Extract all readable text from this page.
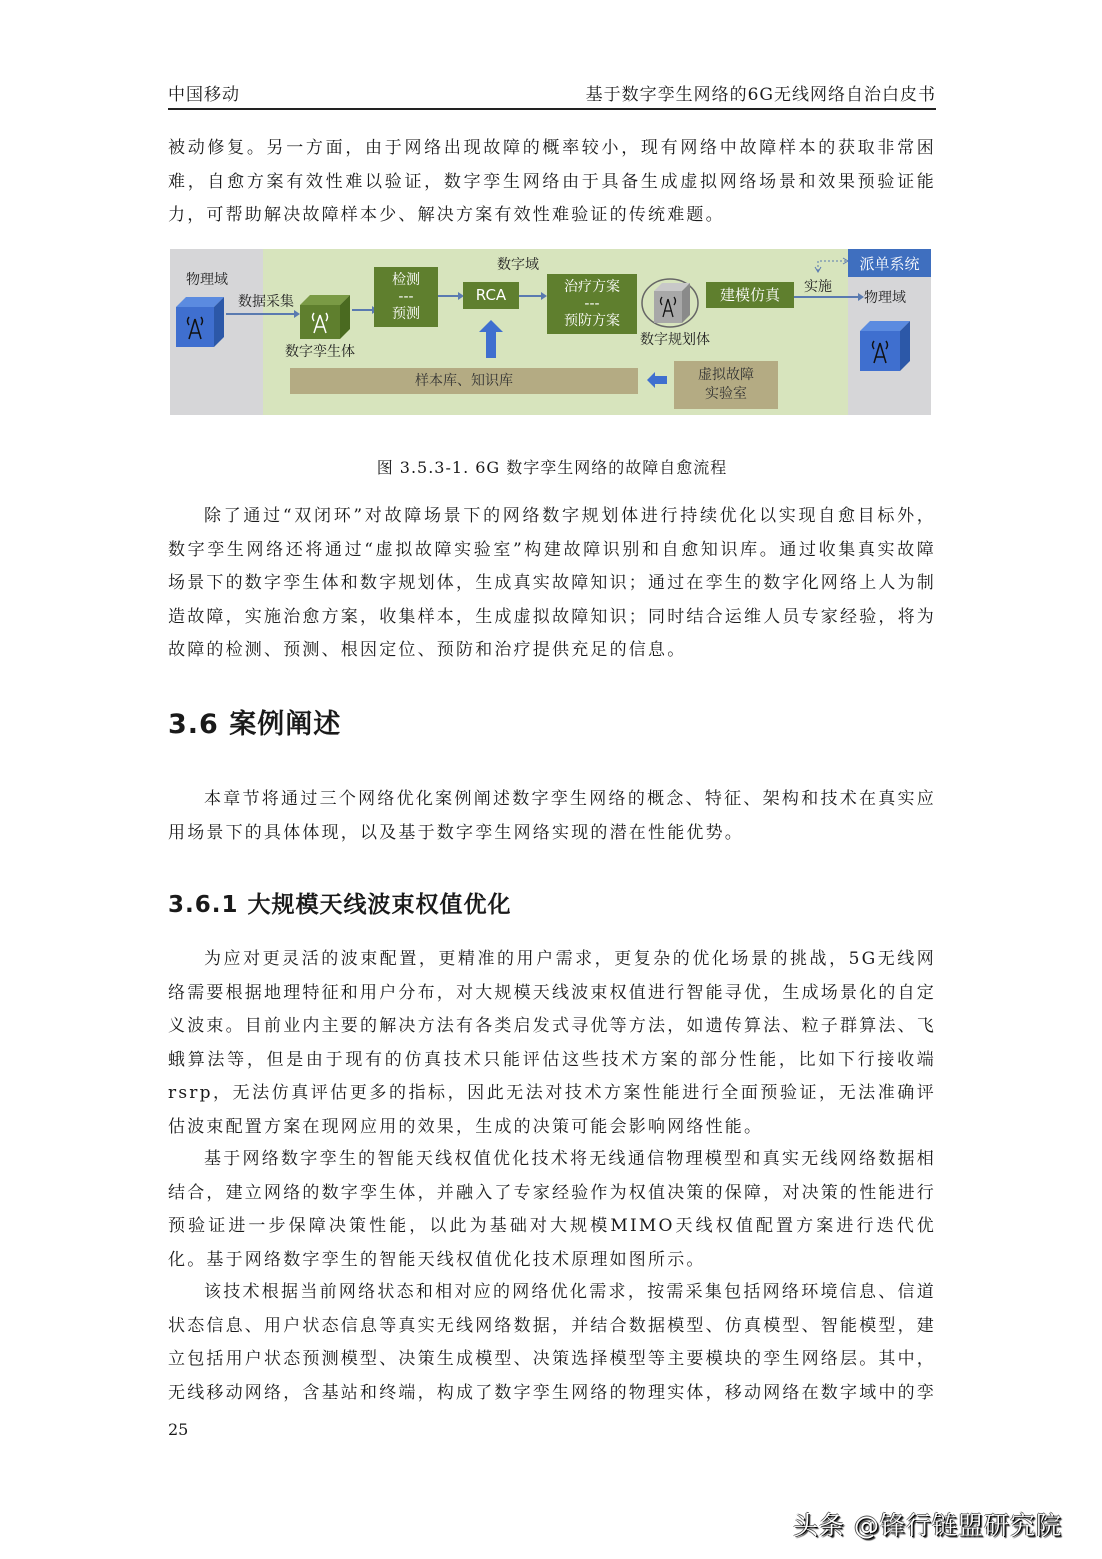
中国移动	基于数字孪生网络的6G无线网络自治白皮书
被动修复。另一方面，由于网络出现故障的概率较小，现有网络中故障样本的获取非常困难，自愈方案有效性难以验证，数字孪生网络由于具备生成虚拟网络场景和效果预验证能力，可帮助解决故障样本少、解决方案有效性难验证的传统难题。
物理域
数据采集
数字孪生体
数字域
检测
---
预测
RCA	治疗方案
---
预防方案
数字规划体
建模仿真 实施
派单系统
物理域
样本库、知识库	虚拟故障
实验室
图 3.5.3-1. 6G 数字孪生网络的故障自愈流程
除了通过“双闭环”对故障场景下的网络数字规划体进行持续优化以实现自愈目标外，数字孪生网络还将通过“虚拟故障实验室”构建故障识别和自愈知识库。通过收集真实故障场景下的数字孪生体和数字规划体，生成真实故障知识；通过在孪生的数字化网络上人为制造故障，实施治愈方案，收集样本，生成虚拟故障知识；同时结合运维人员专家经验，将为故障的检测、预测、根因定位、预防和治疗提供充足的信息。
3.6 案例阐述
本章节将通过三个网络优化案例阐述数字孪生网络的概念、特征、架构和技术在真实应用场景下的具体体现，以及基于数字孪生网络实现的潜在性能优势。
3.6.1 大规模天线波束权值优化
为应对更灵活的波束配置，更精准的用户需求，更复杂的优化场景的挑战，5G无线网络需要根据地理特征和用户分布，对大规模天线波束权值进行智能寻优，生成场景化的自定义波束。目前业内主要的解决方法有各类启发式寻优等方法，如遗传算法、粒子群算法、飞蛾算法等，但是由于现有的仿真技术只能评估这些技术方案的部分性能，比如下行接收端rsrp，无法仿真评估更多的指标，因此无法对技术方案性能进行全面预验证，无法准确评估波束配置方案在现网应用的效果，生成的决策可能会影响网络性能。
基于网络数字孪生的智能天线权值优化技术将无线通信物理模型和真实无线网络数据相结合，建立网络的数字孪生体，并融入了专家经验作为权值决策的保障，对决策的性能进行预验证进一步保障决策性能，以此为基础对大规模MIMO天线权值配置方案进行迭代优化。基于网络数字孪生的智能天线权值优化技术原理如图所示。
该技术根据当前网络状态和相对应的网络优化需求，按需采集包括网络环境信息、信道状态信息、用户状态信息等真实无线网络数据，并结合数据模型、仿真模型、智能模型，建立包括用户状态预测模型、决策生成模型、决策选择模型等主要模块的孪生网络层。其中，无线移动网络，含基站和终端，构成了数字孪生网络的物理实体，移动网络在数字域中的孪
25
头条 @锋行链盟研究院
